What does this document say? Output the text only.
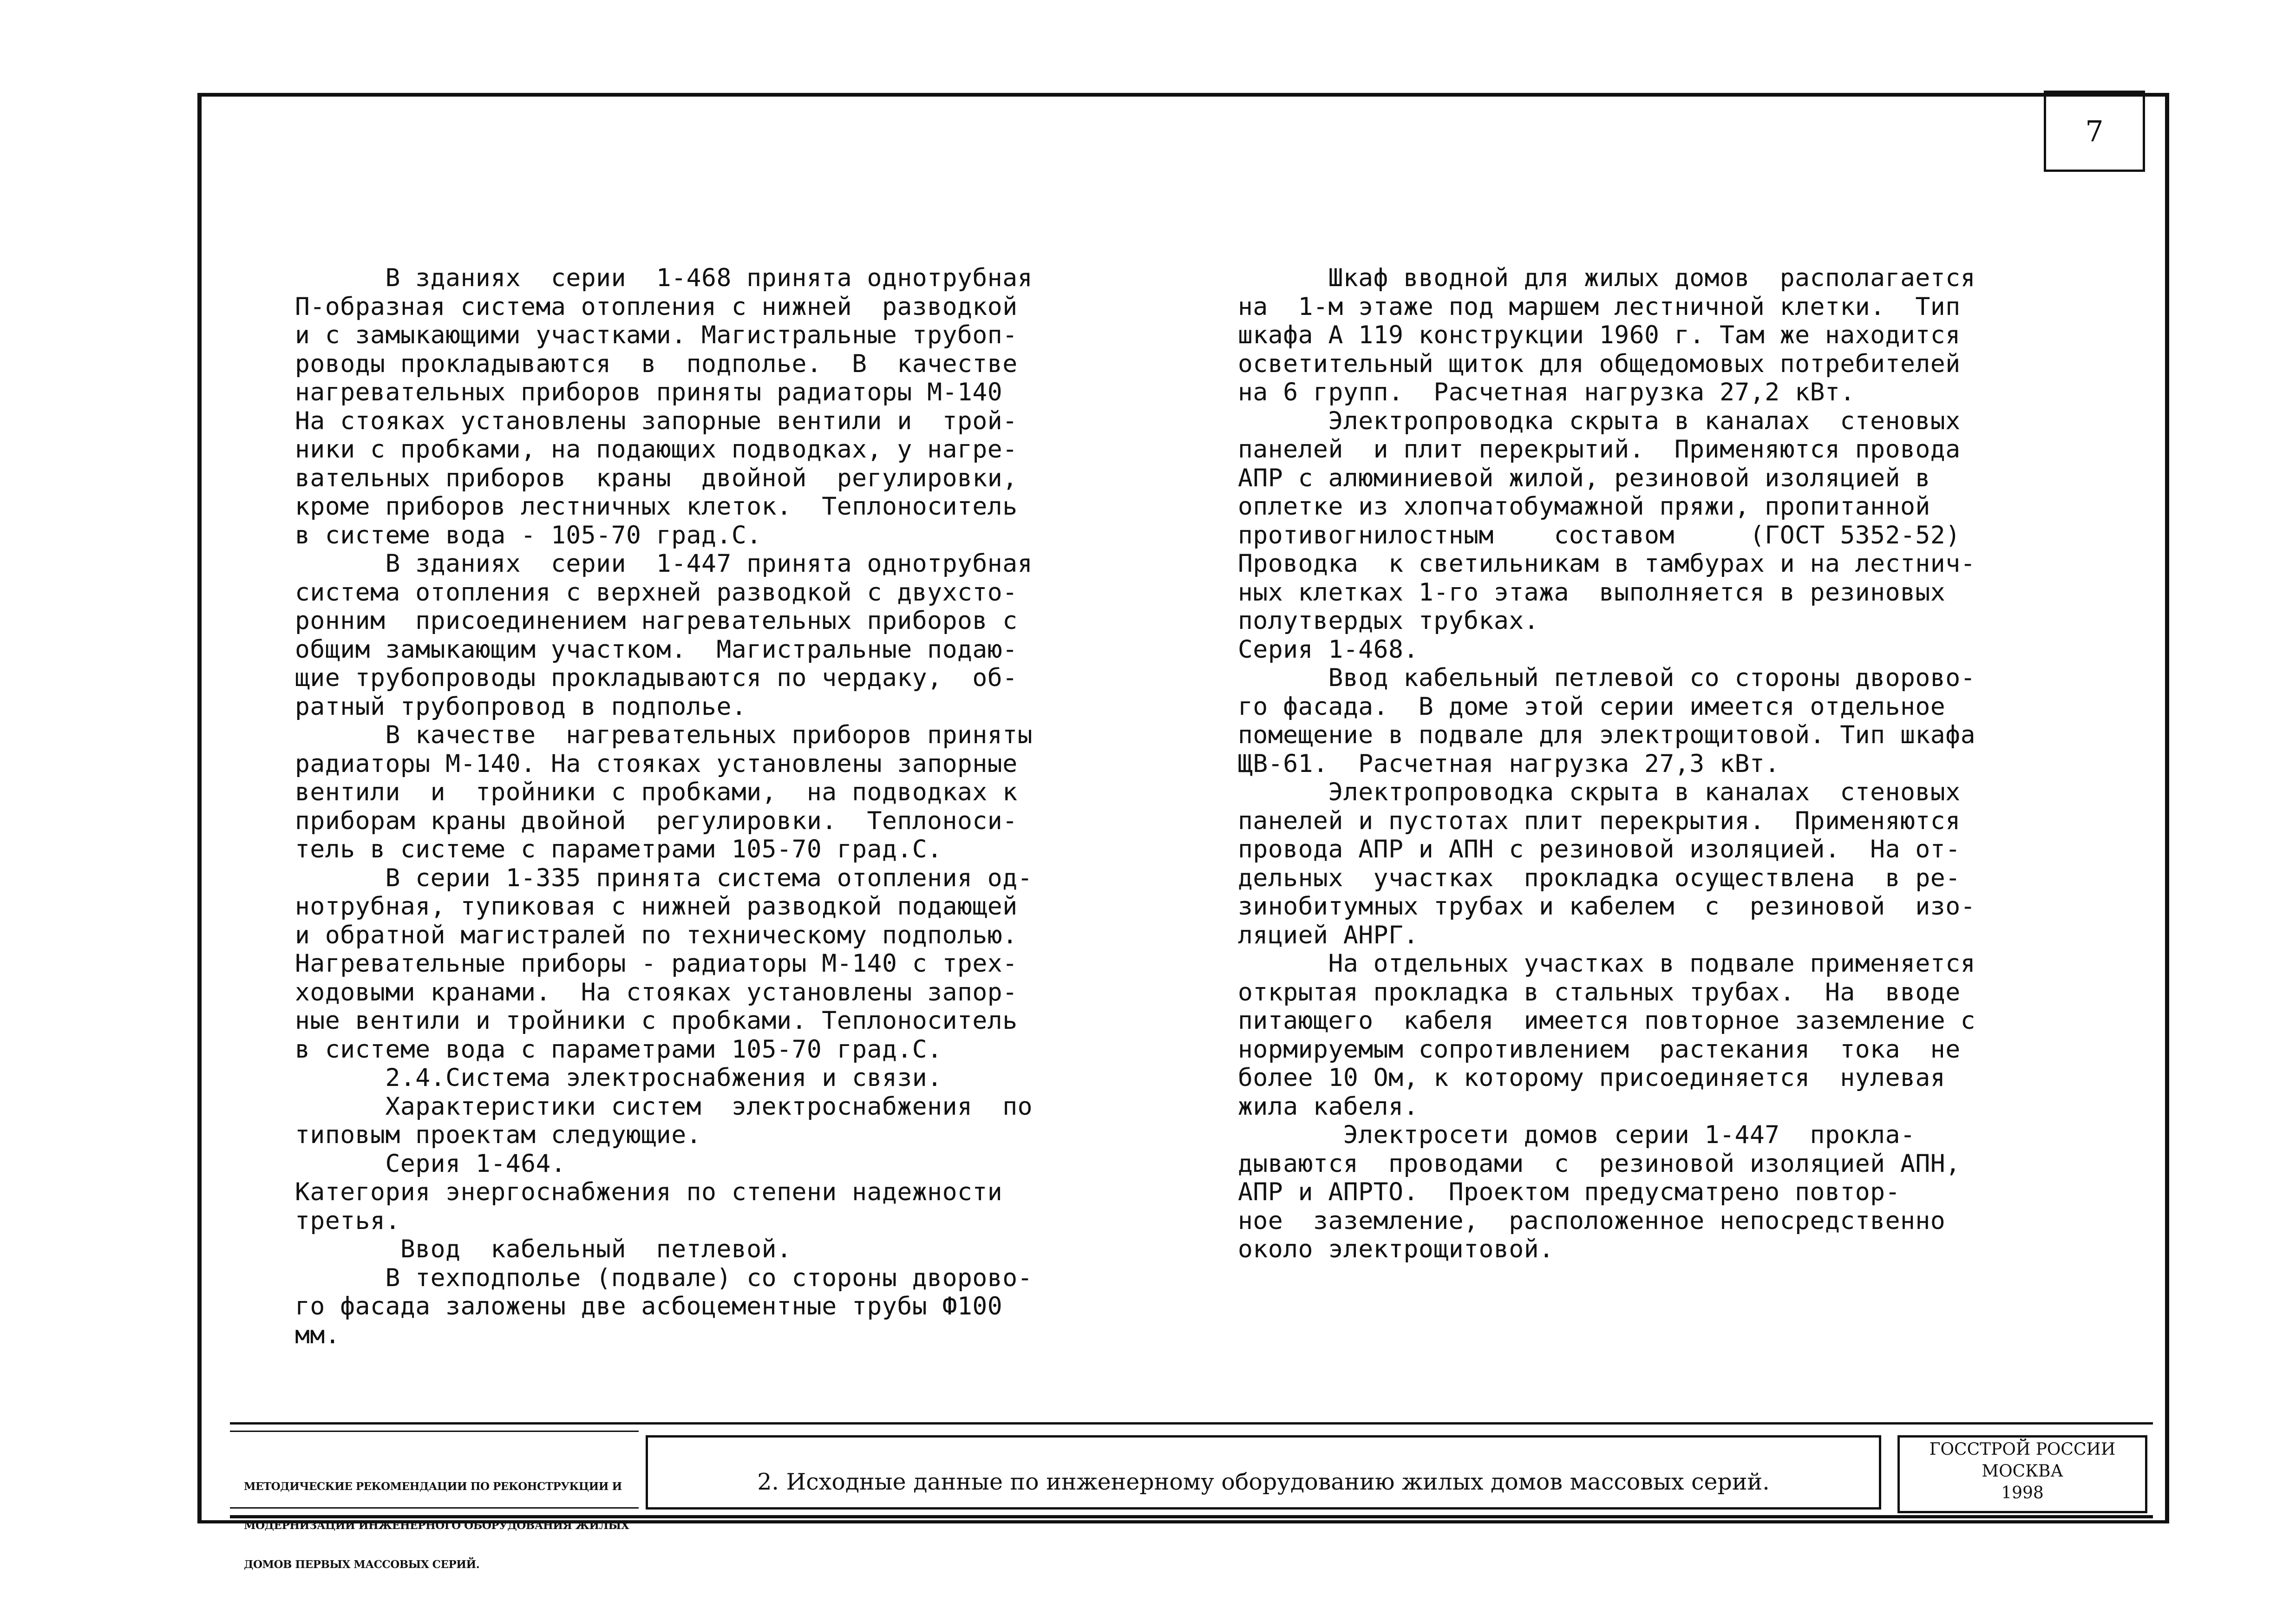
7
В зданиях  серии  1-468 принята однотрубная
П-образная система отопления с нижней  разводкой
и с замыкающими участками. Магистральные трубоп-
роводы прокладываются  в  подполье.  В  качестве
нагревательных приборов приняты радиаторы М-140
На стояках установлены запорные вентили и  трой-
ники с пробками, на подающих подводках, у нагре-
вательных приборов  краны  двойной  регулировки,
кроме приборов лестничных клеток.  Теплоноситель
в системе вода - 105-70 град.С.
В зданиях  серии  1-447 принята однотрубная
система отопления с верхней разводкой с двухсто-
ронним  присоединением нагревательных приборов с
общим замыкающим участком.  Магистральные подаю-
щие трубопроводы прокладываются по чердаку,  об-
ратный трубопровод в подполье.
В качестве  нагревательных приборов приняты
радиаторы М-140. На стояках установлены запорные
вентили  и  тройники с пробками,  на подводках к
приборам краны двойной  регулировки.  Теплоноси-
тель в системе с параметрами 105-70 град.С.
В серии 1-335 принята система отопления од-
нотрубная, тупиковая с нижней разводкой подающей
и обратной магистралей по техническому подполью.
Нагревательные приборы - радиаторы М-140 с трех-
ходовыми кранами.  На стояках установлены запор-
ные вентили и тройники с пробками. Теплоноситель
в системе вода с параметрами 105-70 град.С.
2.4.Система электроснабжения и связи.
Характеристики систем  электроснабжения  по
типовым проектам следующие.
Серия 1-464.
Категория энергоснабжения по степени надежности
третья.
Ввод  кабельный  петлевой.
В техподполье (подвале) со стороны дворово-
го фасада заложены две асбоцементные трубы Ф100
мм.
Шкаф вводной для жилых домов  располагается
на  1-м этаже под маршем лестничной клетки.  Тип
шкафа А 119 конструкции 1960 г. Там же находится
осветительный щиток для общедомовых потребителей
на 6 групп.  Расчетная нагрузка 27,2 кВт.
Электропроводка скрыта в каналах  стеновых
панелей  и плит перекрытий.  Применяются провода
АПР с алюминиевой жилой, резиновой изоляцией в
оплетке из хлопчатобумажной пряжи, пропитанной
противогнилостным    составом     (ГОСТ 5352-52)
Проводка  к светильникам в тамбурах и на лестнич-
ных клетках 1-го этажа  выполняется в резиновых
полутвердых трубках.
Серия 1-468.
Ввод кабельный петлевой со стороны дворово-
го фасада.  В доме этой серии имеется отдельное
помещение в подвале для электрощитовой. Тип шкафа
ЩВ-61.  Расчетная нагрузка 27,3 кВт.
Электропроводка скрыта в каналах  стеновых
панелей и пустотах плит перекрытия.  Применяются
провода АПР и АПН с резиновой изоляцией.  На от-
дельных  участках  прокладка осуществлена  в ре-
зинобитумных трубах и кабелем  с  резиновой  изо-
ляцией АНРГ.
На отдельных участках в подвале применяется
открытая прокладка в стальных трубах.  На  вводе
питающего  кабеля  имеется повторное заземление с
нормируемым сопротивлением  растекания  тока  не
более 10 Ом, к которому присоединяется  нулевая
жила кабеля.
Электросети домов серии 1-447  прокла-
дываются  проводами  с  резиновой изоляцией АПН,
АПР и АПРТО.  Проектом предусматрено повтор-
ное  заземление,  расположенное непосредственно
около электрощитовой.

МЕТОДИЧЕСКИЕ РЕКОМЕНДАЦИИ ПО РЕКОНСТРУКЦИИ И

МОДЕРНИЗАЦИИ ИНЖЕНЕРНОГО ОБОРУДОВАНИЯ ЖИЛЫХ

ДОМОВ ПЕРВЫХ МАССОВЫХ СЕРИЙ.

2. Исходные данные по инженерному оборудованию жилых домов массовых серий.
ГОССТРОЙ РОССИИ
МОСКВА
1998
